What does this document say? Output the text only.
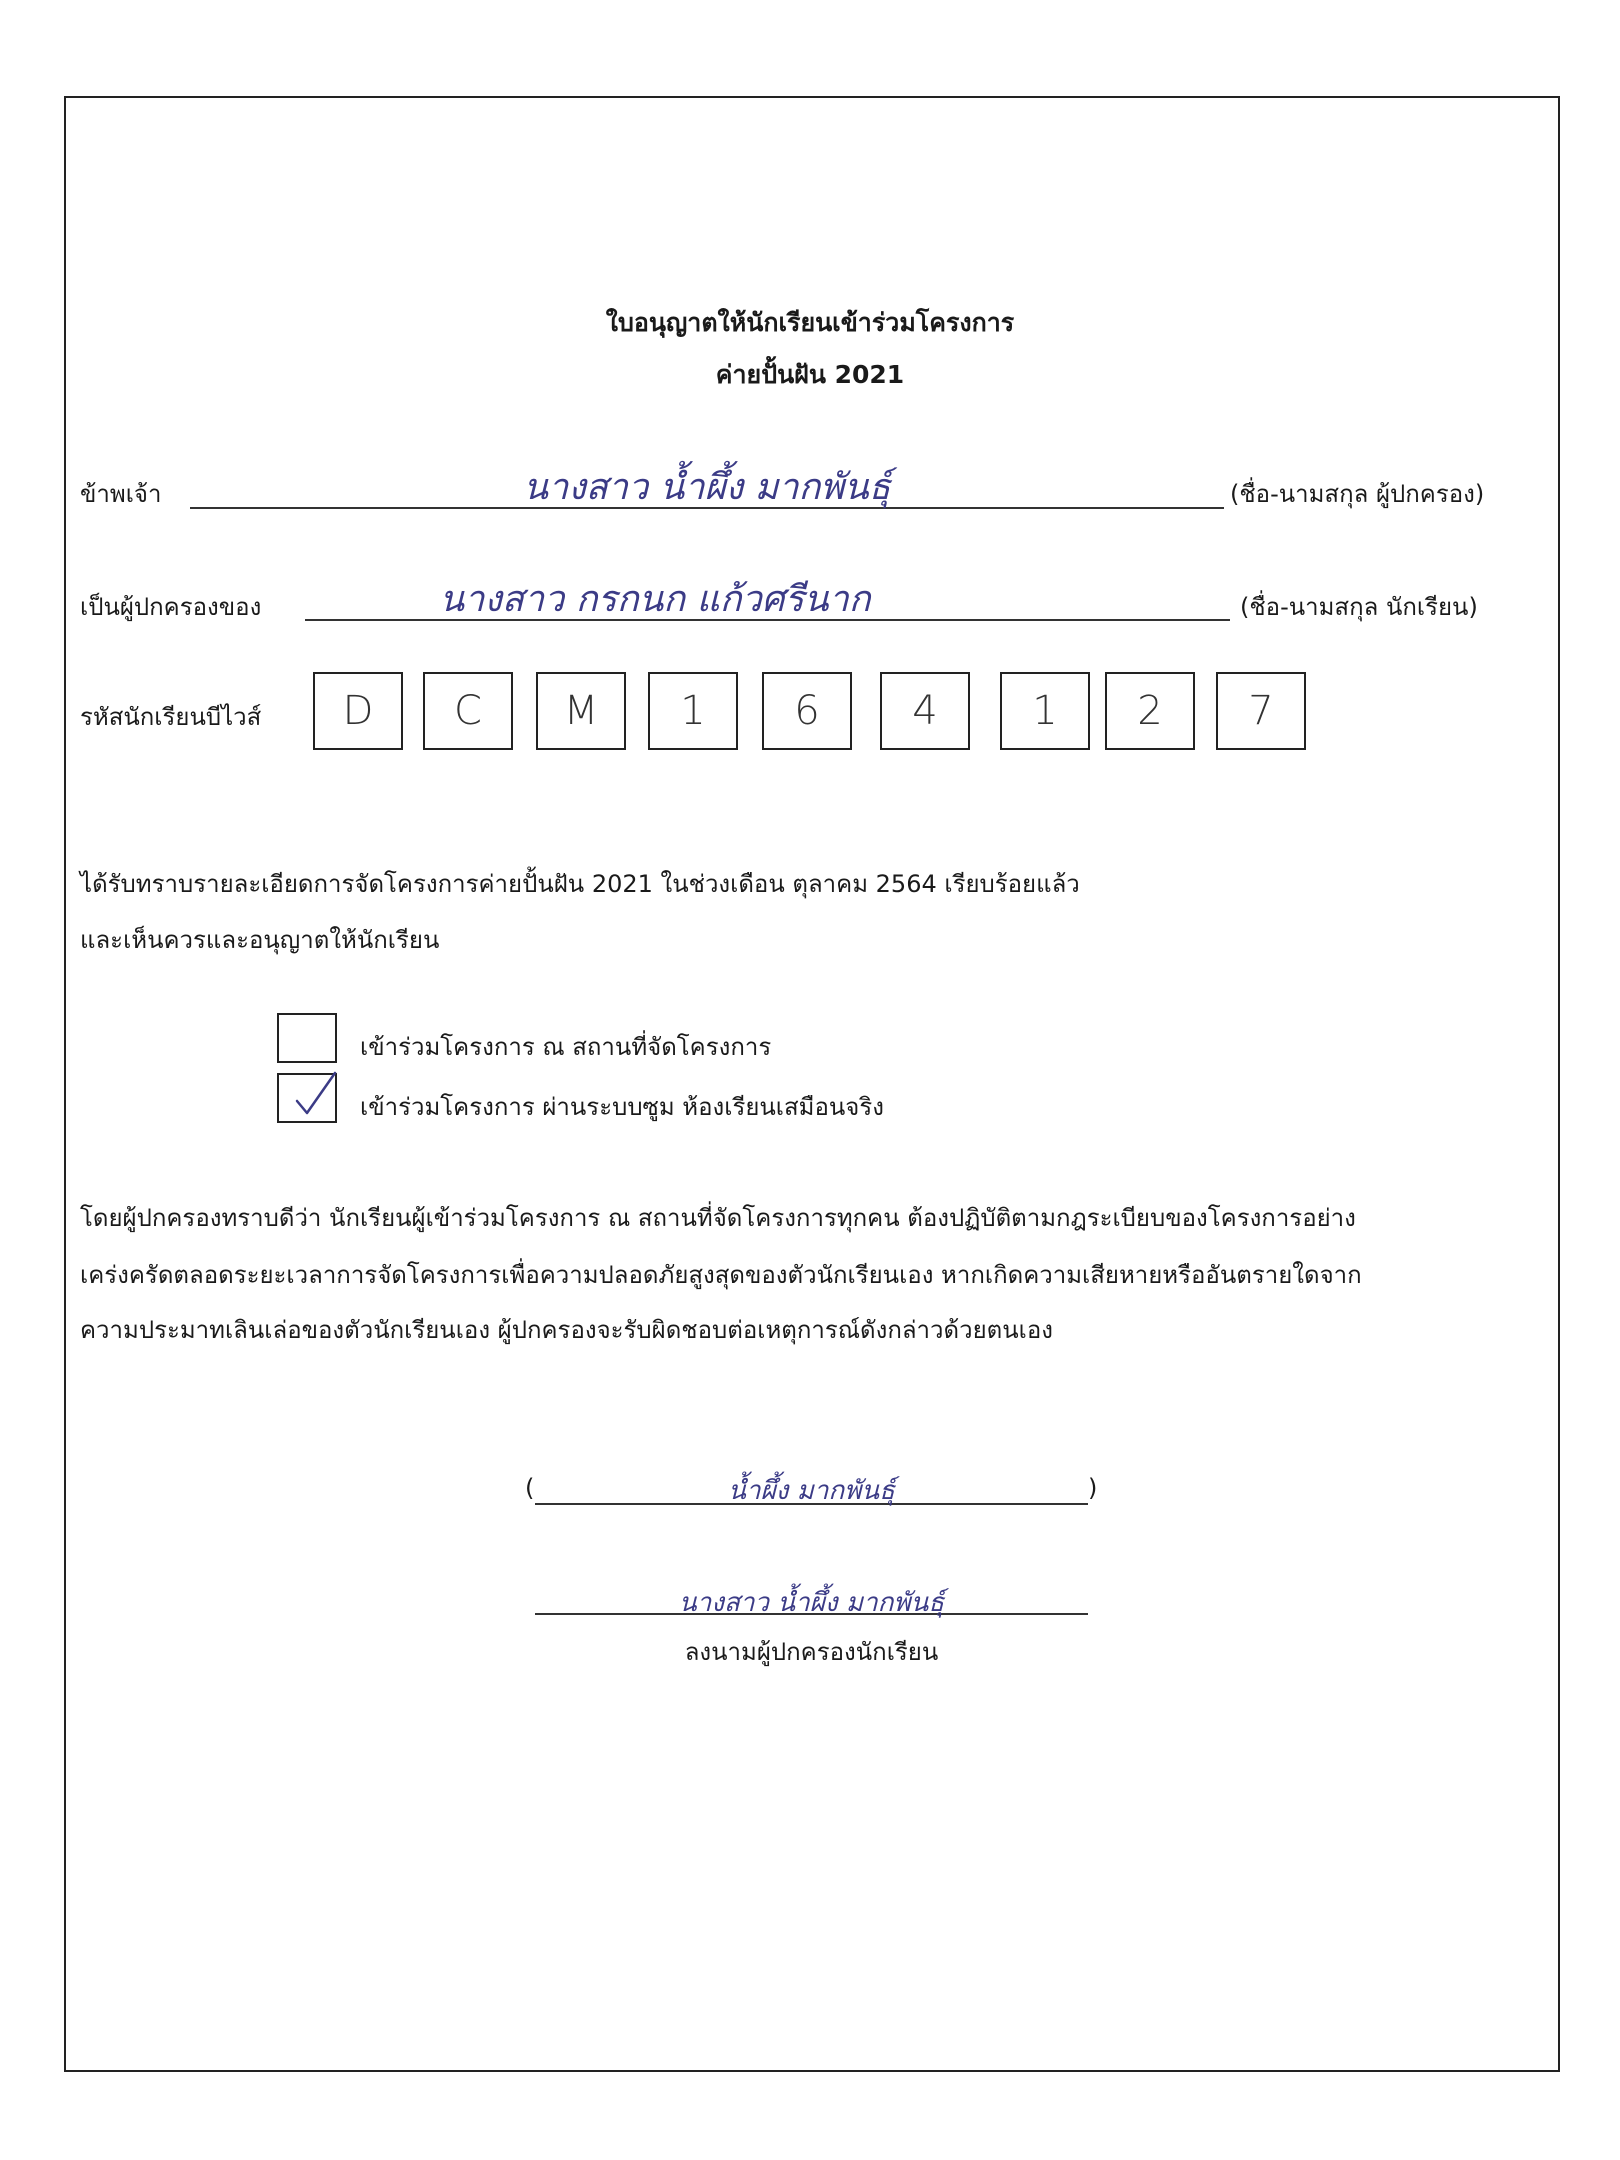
ใบอนุญาตให้นักเรียนเข้าร่วมโครงการ
ค่ายปั้นฝัน 2021
ข้าพเจ้า	นางสาว น้ำผึ้ง มากพันธุ์	(ชื่อ-นามสกุล ผู้ปกครอง)
เป็นผู้ปกครองของ	นางสาว กรกนก แก้วศรีนาก	(ชื่อ-นามสกุล นักเรียน)
รหัสนักเรียนบีไวส์ D C M 1 6 4 1 2 7
ได้รับทราบรายละเอียดการจัดโครงการค่ายปั้นฝัน 2021 ในช่วงเดือน ตุลาคม 2564 เรียบร้อยแล้ว
และเห็นควรและอนุญาตให้นักเรียน
เข้าร่วมโครงการ ณ สถานที่จัดโครงการ
เข้าร่วมโครงการ ผ่านระบบซูม ห้องเรียนเสมือนจริง
โดยผู้ปกครองทราบดีว่า นักเรียนผู้เข้าร่วมโครงการ ณ สถานที่จัดโครงการทุกคน ต้องปฏิบัติตามกฎระเบียบของโครงการอย่าง
เคร่งครัดตลอดระยะเวลาการจัดโครงการเพื่อความปลอดภัยสูงสุดของตัวนักเรียนเอง หากเกิดความเสียหายหรืออันตรายใดจาก
ความประมาทเลินเล่อของตัวนักเรียนเอง ผู้ปกครองจะรับผิดชอบต่อเหตุการณ์ดังกล่าวด้วยตนเอง
(	น้ำผึ้ง มากพันธุ์	)
นางสาว น้ำผึ้ง มากพันธุ์
ลงนามผู้ปกครองนักเรียน
